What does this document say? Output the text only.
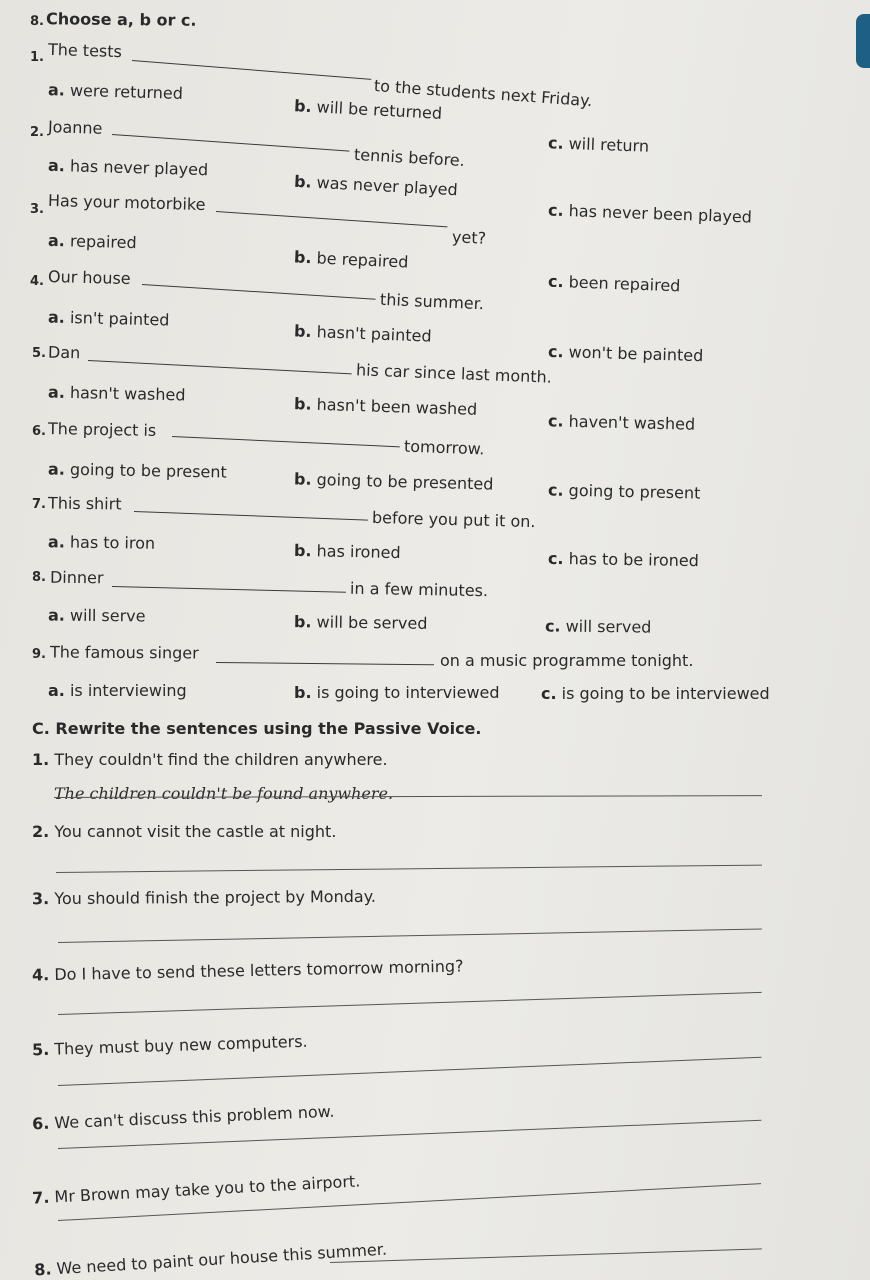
8. Choose a, b or c.
1. The tests
to the students next Friday.
a. were returned
b. will be returned
c. will return
2. Joanne
tennis before.
a. has never played
b. was never played
c. has never been played
3. Has your motorbike
yet?
a. repaired
b. be repaired
c. been repaired
4. Our house
this summer.
a. isn't painted
b. hasn't painted
c. won't be painted
5. Dan
his car since last month.
a. hasn't washed	b. hasn't been washed
c. haven't washed
6. The project is
tomorrow.
a. going to be present	b. going to be presented	c. going to present
7. This shirt
before you put it on.
a. has to iron	b. has ironed	c. has to be ironed
8. Dinner
in a few minutes.
a. will serve	b. will be served	c. will served
9. The famous singer	on a music programme tonight.
a. is interviewing	b. is going to interviewed	c. is going to be interviewed
C. Rewrite the sentences using the Passive Voice.
1. They couldn't find the children anywhere.
The children couldn't be found anywhere.
2. You cannot visit the castle at night.
3. You should finish the project by Monday.
4. Do I have to send these letters tomorrow morning?
5. They must buy new computers.
6. We can't discuss this problem now.
7. Mr Brown may take you to the airport.
8. We need to paint our house this summer.
